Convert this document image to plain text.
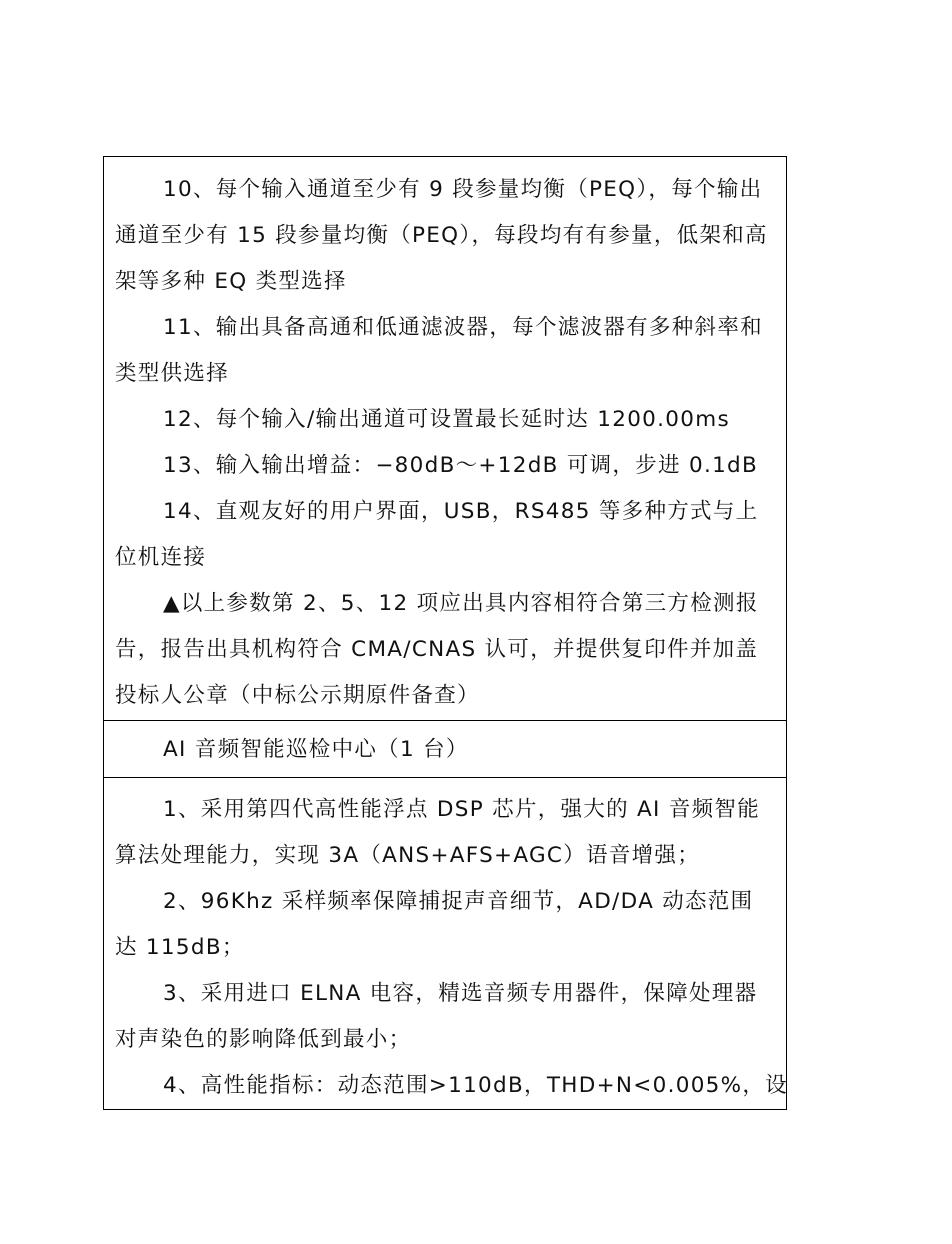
10、每个输入通道至少有 9 段参量均衡（PEQ），每个输出通道至少有 15 段参量均衡（PEQ），每段均有有参量，低架和高架等多种 EQ 类型选择

11、输出具备高通和低通滤波器，每个滤波器有多种斜率和类型供选择

12、每个输入/输出通道可设置最长延时达 1200.00ms

13、输入输出增益：−80dB～+12dB 可调，步进 0.1dB

14、直观友好的用户界面，USB，RS485 等多种方式与上位机连接

▲以上参数第 2、5、12 项应出具内容相符合第三方检测报告，报告出具机构符合 CMA/CNAS 认可，并提供复印件并加盖投标人公章（中标公示期原件备查）

AI 音频智能巡检中心（1 台）

1、采用第四代高性能浮点 DSP 芯片，强大的 AI 音频智能算法处理能力，实现 3A（ANS+AFS+AGC）语音增强；

2、96Khz 采样频率保障捕捉声音细节，AD/DA 动态范围达 115dB；

3、采用进口 ELNA 电容，精选音频专用器件，保障处理器对声染色的影响降低到最小；

4、高性能指标：动态范围>110dB，THD+N<0.005%，设
